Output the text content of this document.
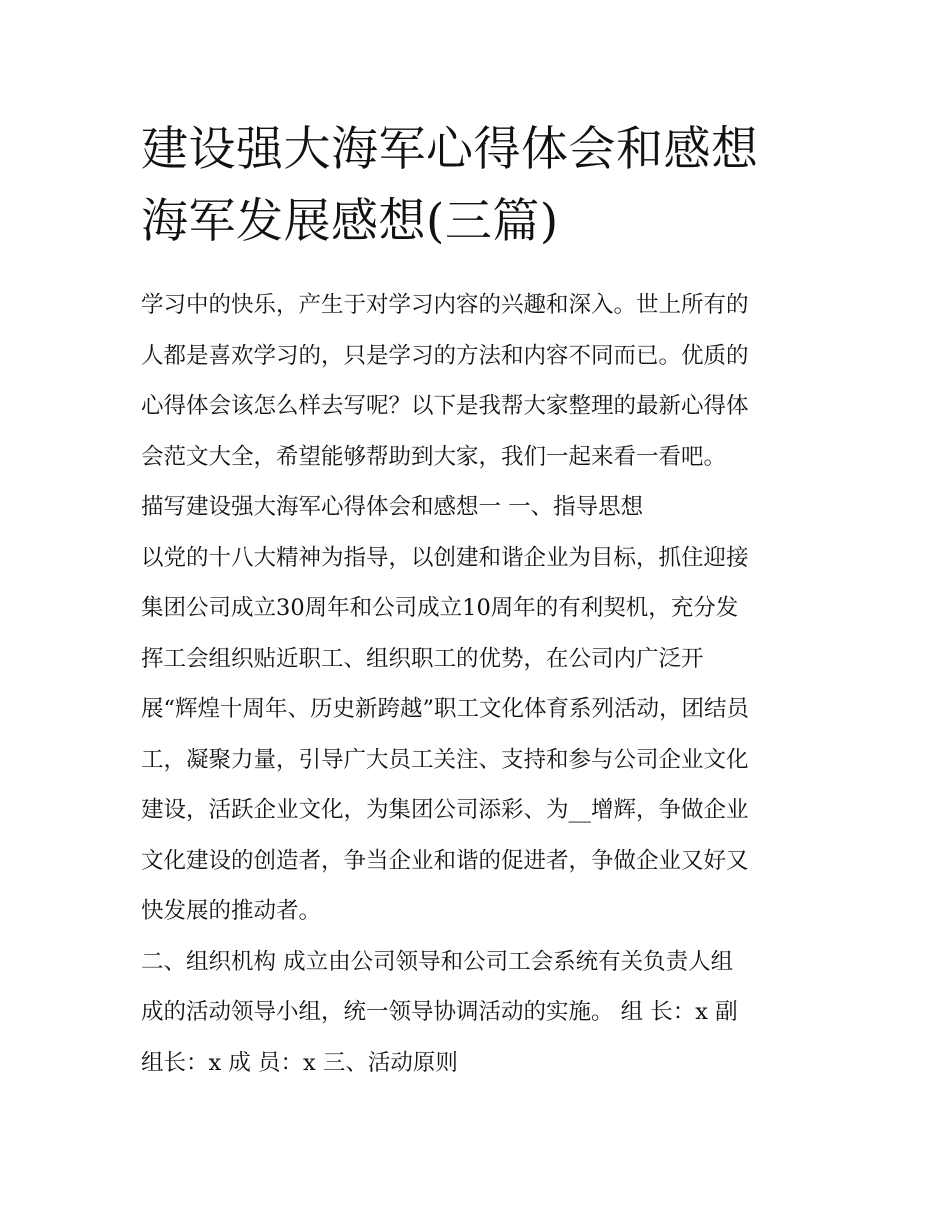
建设强大海军心得体会和感想
海军发展感想(三篇)
学习中的快乐，产生于对学习内容的兴趣和深入。世上所有的
人都是喜欢学习的，只是学习的方法和内容不同而已。优质的
心得体会该怎么样去写呢？以下是我帮大家整理的最新心得体
会范文大全，希望能够帮助到大家，我们一起来看一看吧。
描写建设强大海军心得体会和感想一 一、指导思想
以党的十八大精神为指导，以创建和谐企业为目标，抓住迎接
集团公司成立30周年和公司成立10周年的有利契机，充分发
挥工会组织贴近职工、组织职工的优势，在公司内广泛开
展“辉煌十周年、历史新跨越”职工文化体育系列活动，团结员
工，凝聚力量，引导广大员工关注、支持和参与公司企业文化
建设，活跃企业文化，为集团公司添彩、为__增辉，争做企业
文化建设的创造者，争当企业和谐的促进者，争做企业又好又
快发展的推动者。
二、组织机构 成立由公司领导和公司工会系统有关负责人组
成的活动领导小组，统一领导协调活动的实施。 组 长：x 副
组长：x 成 员：x 三、活动原则
